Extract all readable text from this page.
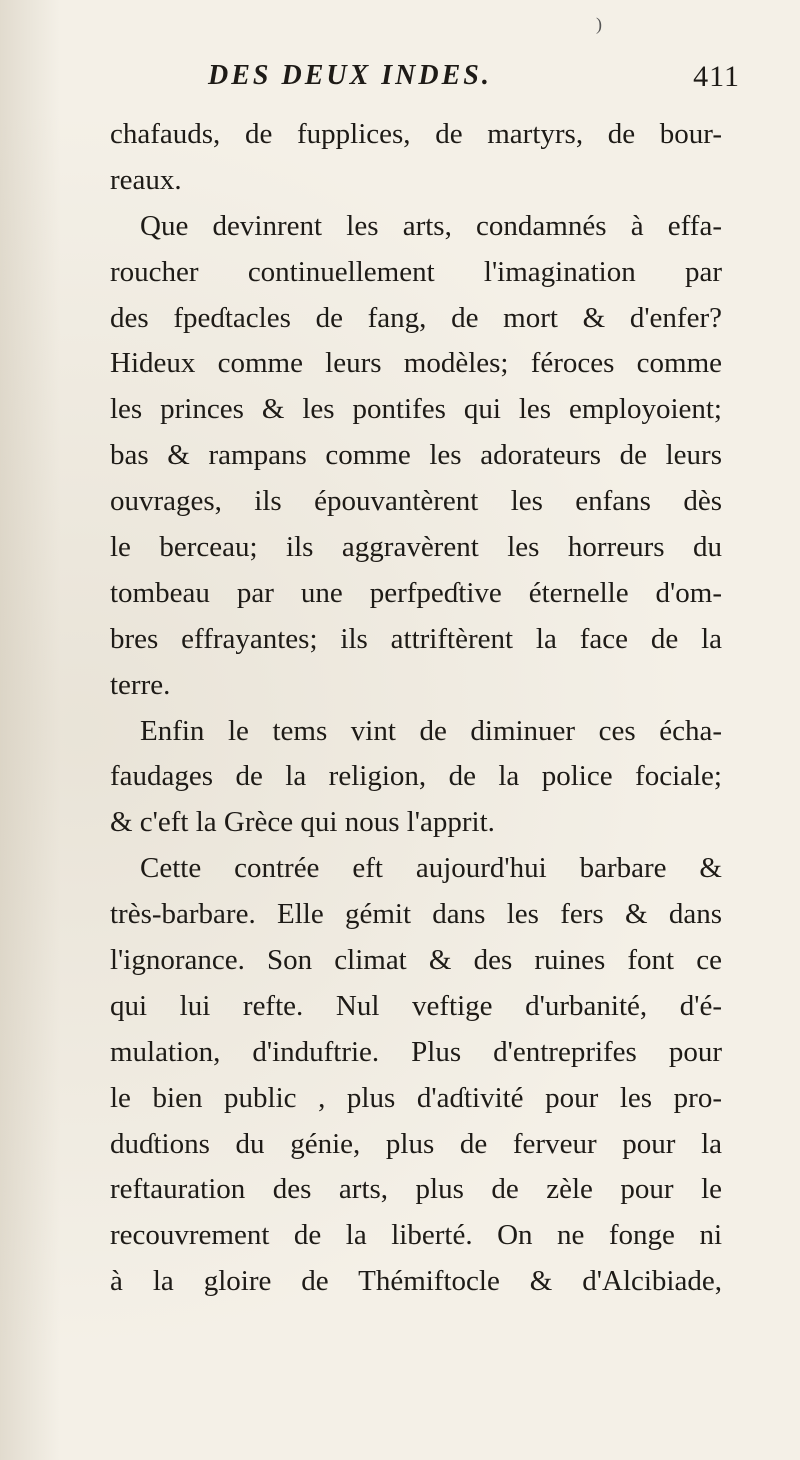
)
DES DEUX INDES.	411
chafauds, de fupplices, de martyrs, de bour-
reaux.
Que devinrent les arts, condamnés à effa-
roucher continuellement l'imagination par
des fpeɗtacles de fang, de mort & d'enfer?
Hideux comme leurs modèles; féroces comme
les princes & les pontifes qui les employoient;
bas & rampans comme les adorateurs de leurs
ouvrages, ils épouvantèrent les enfans dès
le berceau; ils aggravèrent les horreurs du
tombeau par une perfpeɗtive éternelle d'om-
bres effrayantes; ils attriftèrent la face de la
terre.
Enfin le tems vint de diminuer ces écha-
faudages de la religion, de la police fociale;
& c'eft la Grèce qui nous l'apprit.
Cette contrée eft aujourd'hui barbare &
très-barbare. Elle gémit dans les fers & dans
l'ignorance. Son climat & des ruines font ce
qui lui refte. Nul veftige d'urbanité, d'é-
mulation, d'induftrie. Plus d'entreprifes pour
le bien public , plus d'aɗtivité pour les pro-
duɗtions du génie, plus de ferveur pour la
reftauration des arts, plus de zèle pour le
recouvrement de la liberté. On ne fonge ni
à la gloire de Thémiftocle & d'Alcibiade,
